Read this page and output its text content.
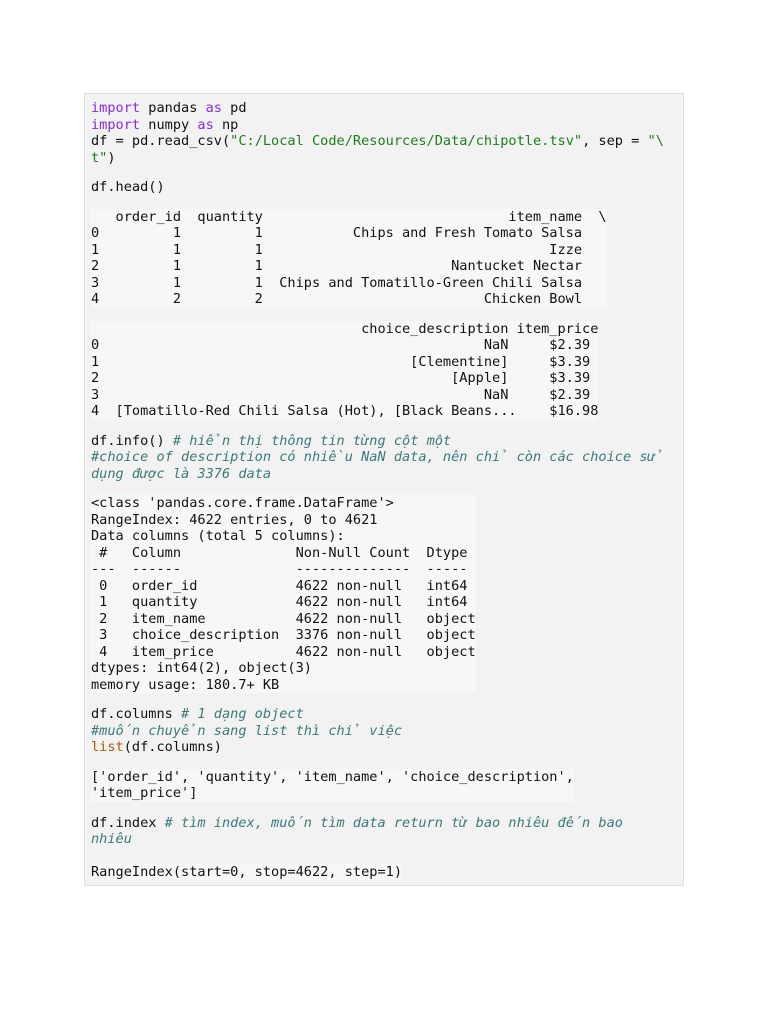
import pandas as pd
import numpy as np
df = pd.read_csv("C:/Local Code/Resources/Data/chipotle.tsv", sep = "\
t")
df.head()
order_id  quantity                              item_name  \
0         1         1           Chips and Fresh Tomato Salsa
1         1         1                                   Izze
2         1         1                       Nantucket Nectar
3         1         1  Chips and Tomatillo-Green Chili Salsa
4         2         2                           Chicken Bowl
choice_description item_price
0                                               NaN     $2.39
1                                      [Clementine]     $3.39
2                                           [Apple]     $3.39
3                                               NaN     $2.39
4  [Tomatillo-Red Chili Salsa (Hot), [Black Beans...    $16.98
df.info() # hiển thị thông tin từng cột một
#choice of description có nhiều NaN data, nên chỉ còn các choice sử
dụng được là 3376 data
<class 'pandas.core.frame.DataFrame'>
RangeIndex: 4622 entries, 0 to 4621
Data columns (total 5 columns):
#   Column              Non-Null Count  Dtype
---  ------              --------------  -----
0   order_id            4622 non-null   int64
1   quantity            4622 non-null   int64
2   item_name           4622 non-null   object
3   choice_description  3376 non-null   object
4   item_price          4622 non-null   object
dtypes: int64(2), object(3)
memory usage: 180.7+ KB
df.columns # 1 dạng object
#muốn chuyển sang list thì chỉ việc
list(df.columns)
['order_id', 'quantity', 'item_name', 'choice_description',
'item_price']
df.index # tìm index, muốn tìm data return từ bao nhiêu đến bao
nhiêu
RangeIndex(start=0, stop=4622, step=1)
